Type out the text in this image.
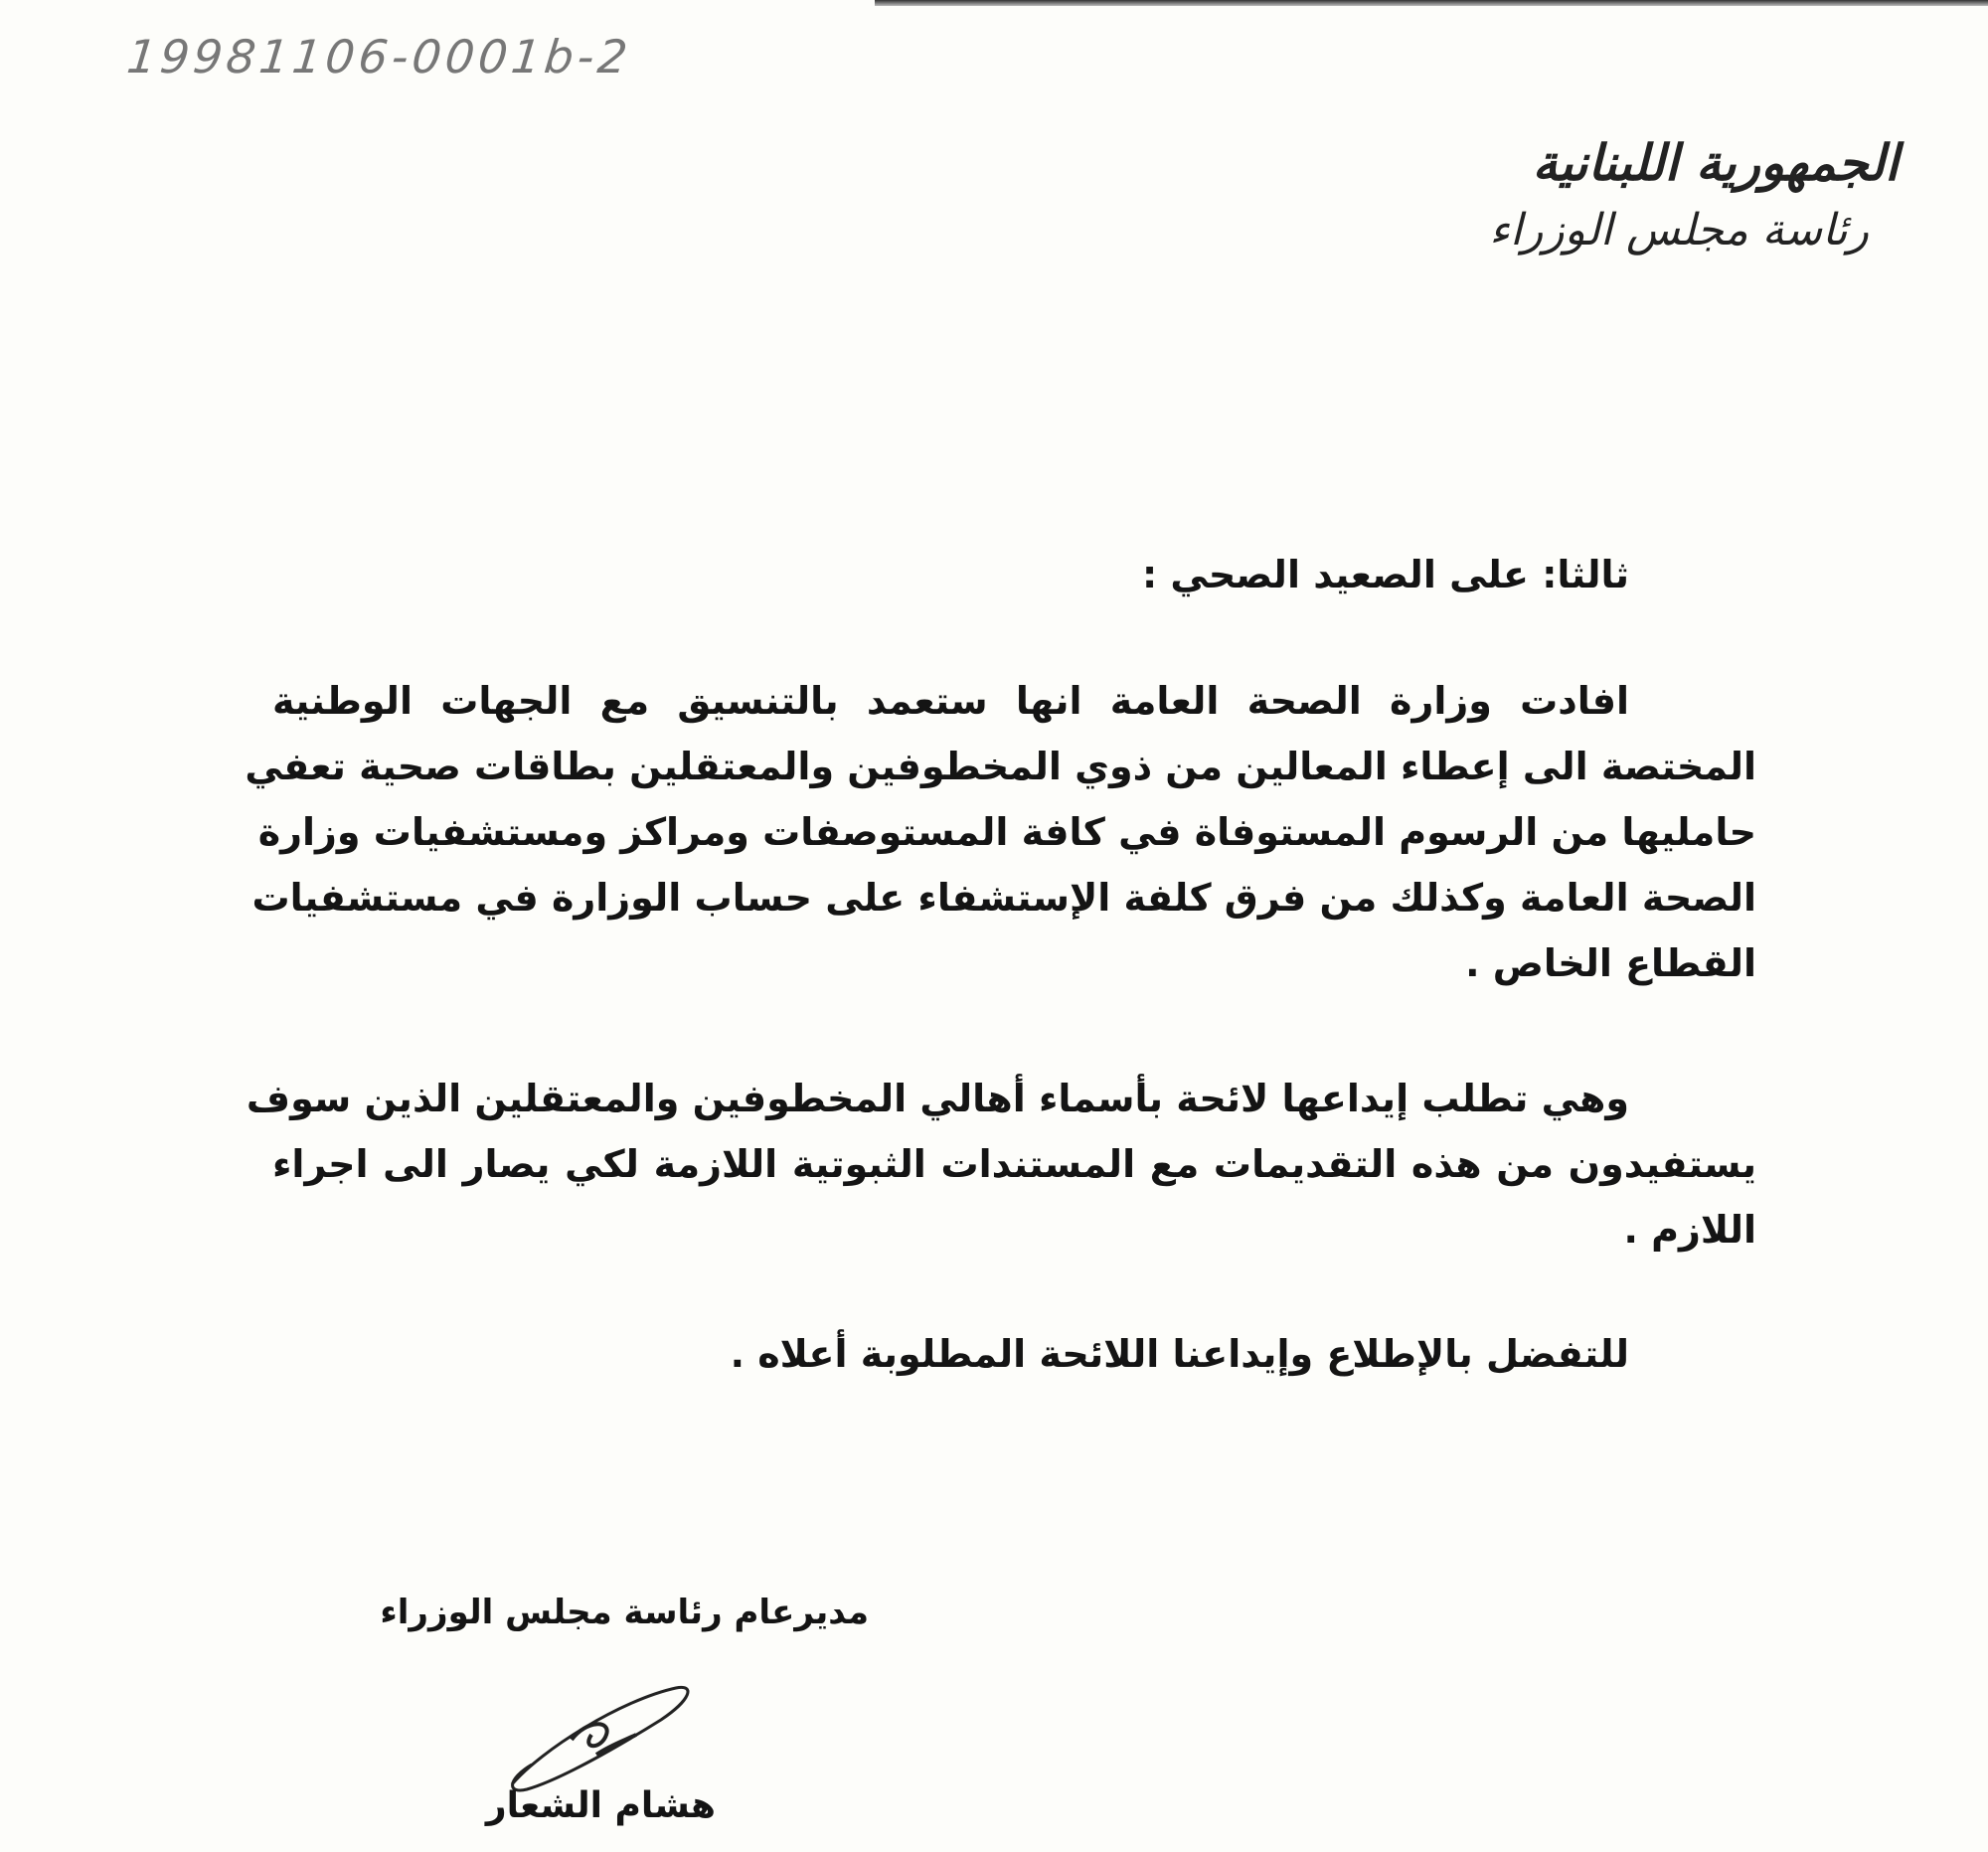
19981106-0001b-2
الجمهورية اللبنانية
رئاسة مجلس الوزراء
ثالثا: على الصعيد الصحي :
افادت وزارة الصحة العامة انها ستعمد بالتنسيق مع الجهات الوطنية
المختصة الى إعطاء المعالين من ذوي المخطوفين والمعتقلين بطاقات صحية تعفي
حامليها من الرسوم المستوفاة في كافة المستوصفات ومراكز ومستشفيات وزارة
الصحة العامة وكذلك من فرق كلفة الإستشفاء على حساب الوزارة في مستشفيات
القطاع الخاص .
وهي تطلب إيداعها لائحة بأسماء أهالي المخطوفين والمعتقلين الذين سوف
يستفيدون من هذه التقديمات مع المستندات الثبوتية اللازمة لكي يصار الى اجراء
اللازم .
للتفضل بالإطلاع وإيداعنا اللائحة المطلوبة أعلاه .
مديرعام رئاسة مجلس الوزراء
هشام الشعار
